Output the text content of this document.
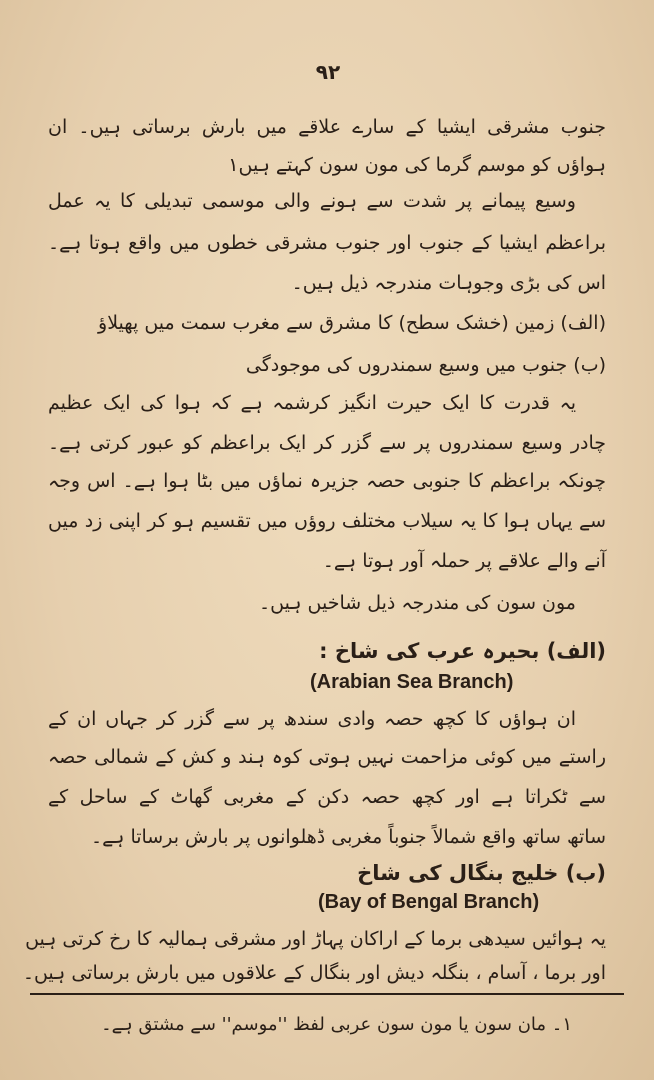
۹۲
جنوب مشرقی ایشیا کے سارے علاقے میں بارش برساتی ہیں۔ ان
ہواؤں کو موسم گرما کی مون سون کہتے ہیں۱
وسیع پیمانے پر شدت سے ہونے والی موسمی تبدیلی کا یہ عمل
براعظم ایشیا کے جنوب اور جنوب مشرقی خطوں میں واقع ہوتا ہے۔
اس کی بڑی وجوہات مندرجہ ذیل ہیں۔
(الف) زمین (خشک سطح) کا مشرق سے مغرب سمت میں پھیلاؤ
(ب) جنوب میں وسیع سمندروں کی موجودگی
یہ قدرت کا ایک حیرت انگیز کرشمہ ہے کہ ہوا کی ایک عظیم
چادر وسیع سمندروں پر سے گزر کر ایک براعظم کو عبور کرتی ہے۔
چونکہ براعظم کا جنوبی حصہ جزیرہ نماؤں میں بٹا ہوا ہے۔ اس وجہ
سے یہاں ہوا کا یہ سیلاب مختلف روؤں میں تقسیم ہو کر اپنی زد میں
آنے والے علاقے پر حملہ آور ہوتا ہے۔
مون سون کی مندرجہ ذیل شاخیں ہیں۔
(الف) بحیرہ عرب کی شاخ :
(Arabian Sea Branch)
ان ہواؤں کا کچھ حصہ وادی سندھ پر سے گزر کر جہاں ان کے
راستے میں کوئی مزاحمت نہیں ہوتی کوہ ہند و کش کے شمالی حصہ
سے ٹکراتا ہے اور کچھ حصہ دکن کے مغربی گھاٹ کے ساحل کے
ساتھ ساتھ واقع شمالاً جنوباً مغربی ڈھلوانوں پر بارش برساتا ہے۔
(ب) خلیج بنگال کی شاخ
(Bay of Bengal Branch)
یہ ہوائیں سیدھی برما کے اراکان پہاڑ اور مشرقی ہمالیہ کا رخ کرتی ہیں
اور برما ، آسام ، بنگلہ دیش اور بنگال کے علاقوں میں بارش برساتی ہیں۔
۱۔ مان سون یا مون سون عربی لفظ ''موسم'' سے مشتق ہے۔
